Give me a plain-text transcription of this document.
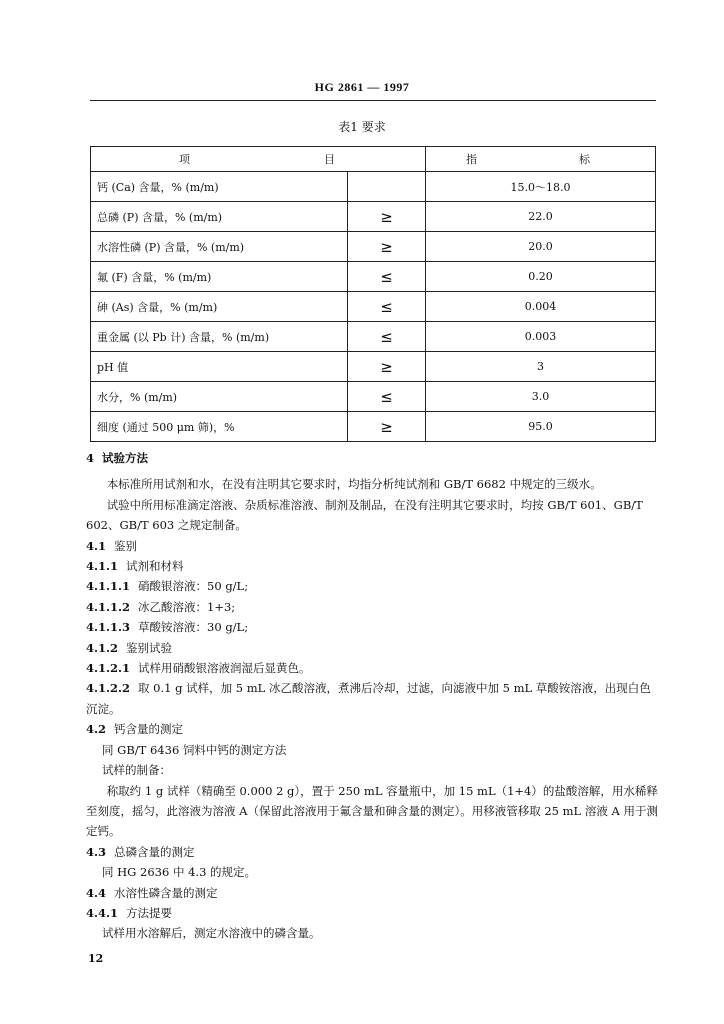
HG 2861 — 1997
表1 要求
项 目		指 标

钙 (Ca) 含量，% (m/m)		15.0～18.0
总磷 (P) 含量，% (m/m)	≥	22.0
水溶性磷 (P) 含量，% (m/m)	≥	20.0
氟 (F) 含量，% (m/m)	≤	0.20
砷 (As) 含量，% (m/m)	≤	0.004
重金属 (以 Pb 计) 含量，% (m/m)	≤	0.003
pH 值	≥	3
水分，% (m/m)	≤	3.0
细度 (通过 500 μm 筛)，%	≥	95.0

4 试验方法

本标准所用试剂和水，在没有注明其它要求时，均指分析纯试剂和 GB/T 6682 中规定的三级水。

试验中所用标准滴定溶液、杂质标准溶液、制剂及制品，在没有注明其它要求时，均按 GB/T 601、GB/T 602、GB/T 603 之规定制备。

4.1 鉴别

4.1.1 试剂和材料

4.1.1.1 硝酸银溶液：50 g/L;

4.1.1.2 冰乙酸溶液：1+3;

4.1.1.3 草酸铵溶液：30 g/L;

4.1.2 鉴别试验

4.1.2.1 试样用硝酸银溶液润湿后显黄色。

4.1.2.2 取 0.1 g 试样，加 5 mL 冰乙酸溶液，煮沸后冷却，过滤，向滤液中加 5 mL 草酸铵溶液，出现白色沉淀。

4.2 钙含量的测定

同 GB/T 6436 饲料中钙的测定方法

试样的制备：

称取约 1 g 试样（精确至 0.000 2 g），置于 250 mL 容量瓶中，加 15 mL（1+4）的盐酸溶解，用水稀释至刻度，摇匀，此溶液为溶液 A（保留此溶液用于氟含量和砷含量的测定）。用移液管移取 25 mL 溶液 A 用于测定钙。

4.3 总磷含量的测定

同 HG 2636 中 4.3 的规定。

4.4 水溶性磷含量的测定

4.4.1 方法提要

试样用水溶解后，测定水溶液中的磷含量。

12
